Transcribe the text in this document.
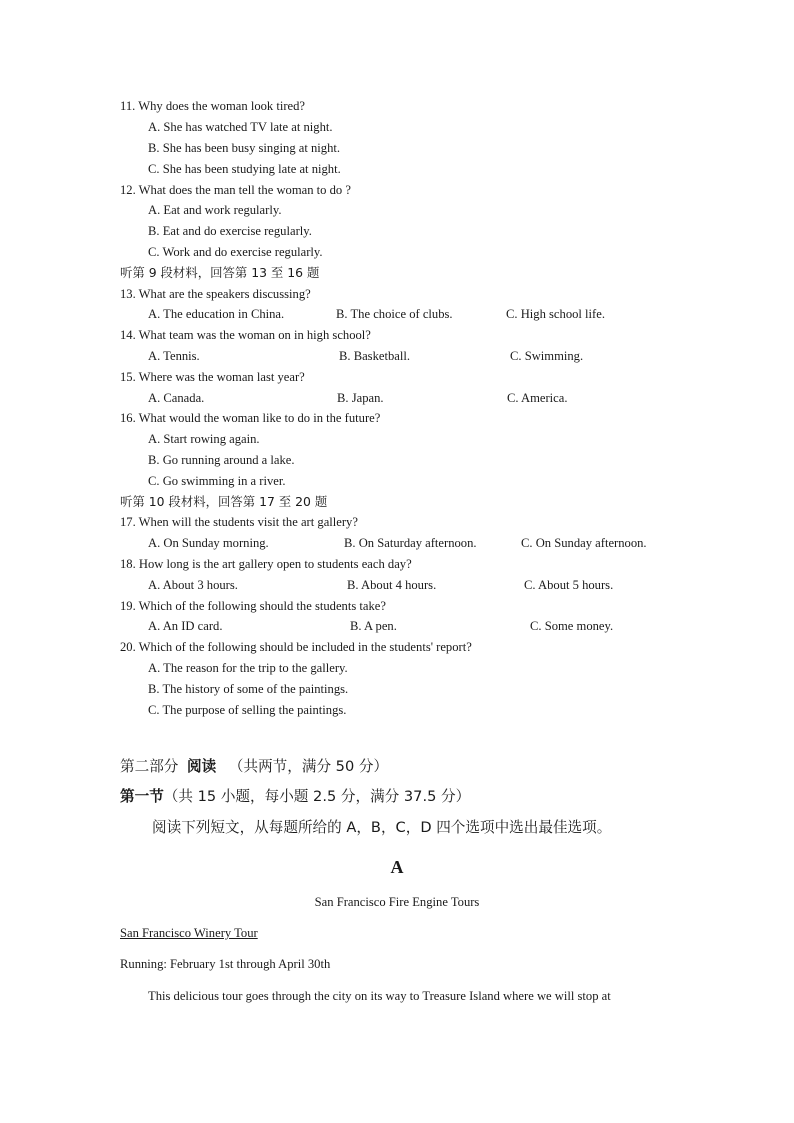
11. Why does the woman look tired?
A. She has watched TV late at night.
B. She has been busy singing at night.
C. She has been studying late at night.
12. What does the man tell the woman to do ?
A. Eat and work regularly.
B. Eat and do exercise regularly.
C. Work and do exercise regularly.
听第 9 段材料，回答第 13 至 16 题
13. What are the speakers discussing?
A. The education in China.	B. The choice of clubs.	C. High school life.
14. What team was the woman on in high school?
A. Tennis.	B. Basketball.	C. Swimming.
15. Where was the woman last year?
A. Canada.	B. Japan.	C. America.
16. What would the woman like to do in the future?
A. Start rowing again.
B. Go running around a lake.
C. Go swimming in a river.
听第 10 段材料，回答第 17 至 20 题
17. When will the students visit the art gallery?
A. On Sunday morning.	B. On Saturday afternoon.	C. On Sunday afternoon.
18. How long is the art gallery open to students each day?
A. About 3 hours.	B. About 4 hours.	C. About 5 hours.
19. Which of the following should the students take?
A. An ID card.	B. A pen.	C. Some money.
20. Which of the following should be included in the students' report?
A. The reason for the trip to the gallery.
B. The history of some of the paintings.
C. The purpose of selling the paintings.
第二部分 阅读 （共两节，满分 50 分）
第一节（共 15 小题，每小题 2.5 分，满分 37.5 分）
阅读下列短文，从每题所给的 A，B，C，D 四个选项中选出最佳选项。
A
San Francisco Fire Engine Tours
San Francisco Winery Tour
Running: February 1st through April 30th
This delicious tour goes through the city on its way to Treasure Island where we will stop at
